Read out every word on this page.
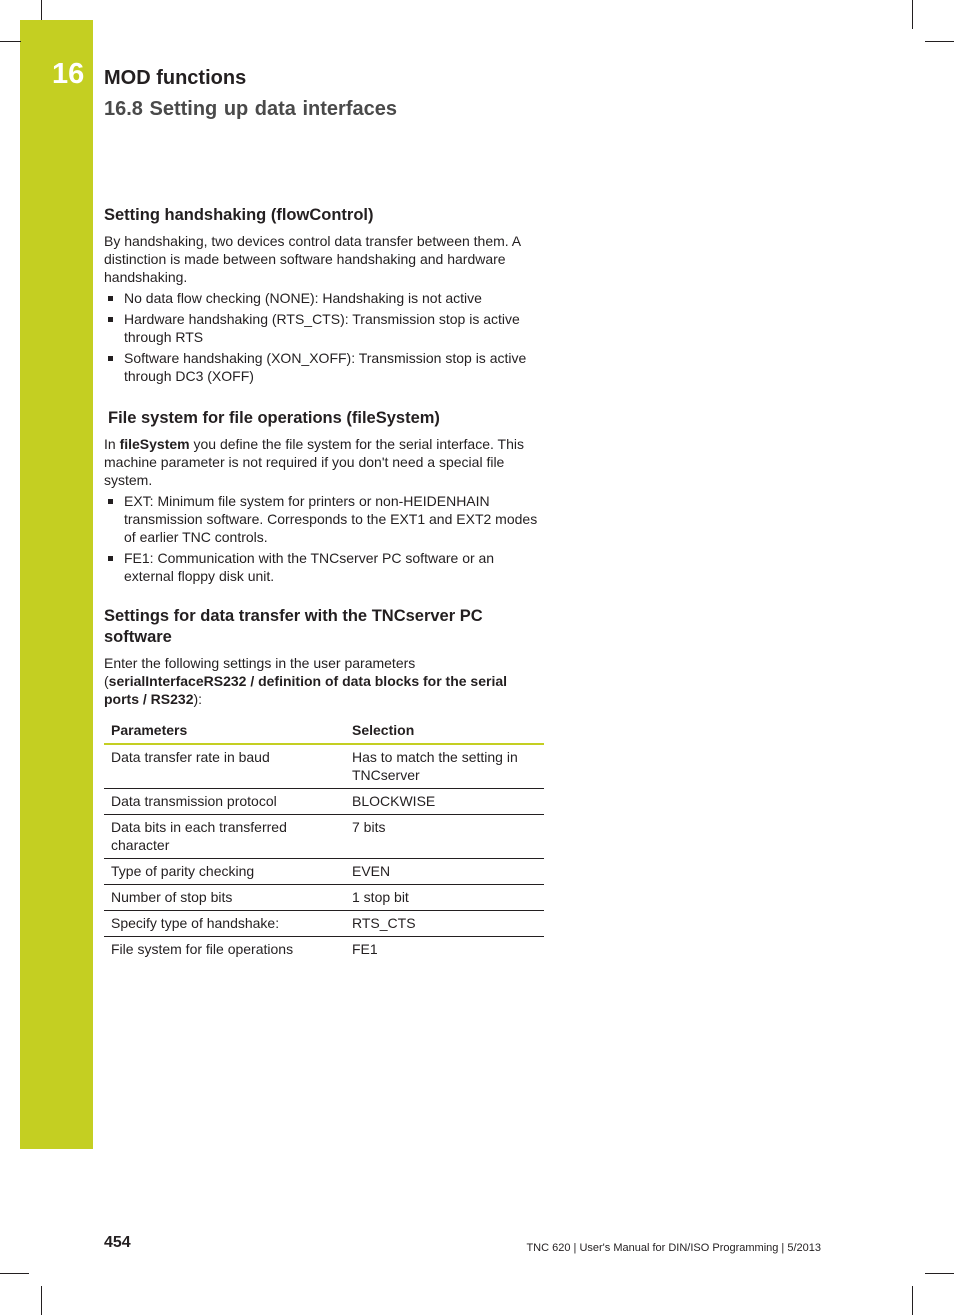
16 MOD functions
16.8 Setting up data interfaces
Setting handshaking (flowControl)

By handshaking, two devices control data transfer between them. A distinction is made between software handshaking and hardware handshaking.

No data flow checking (NONE): Handshaking is not active
Hardware handshaking (RTS_CTS): Transmission stop is active through RTS
Software handshaking (XON_XOFF): Transmission stop is active through DC3 (XOFF)
File system for file operations (fileSystem)

In fileSystem you define the file system for the serial interface. This machine parameter is not required if you don't need a special file system.

EXT: Minimum file system for printers or non-HEIDENHAIN transmission software. Corresponds to the EXT1 and EXT2 modes of earlier TNC controls.
FE1: Communication with the TNCserver PC software or an external floppy disk unit.
Settings for data transfer with the TNCserver PC software

Enter the following settings in the user parameters (serialInterfaceRS232 / definition of data blocks for the serial ports / RS232):

Parameters	Selection
Data transfer rate in baud	Has to match the setting in TNCserver
Data transmission protocol	BLOCKWISE
Data bits in each transferred character	7 bits
Type of parity checking	EVEN
Number of stop bits	1 stop bit
Specify type of handshake:	RTS_CTS
File system for file operations	FE1
454	TNC 620 | User's Manual for DIN/ISO Programming | 5/2013
